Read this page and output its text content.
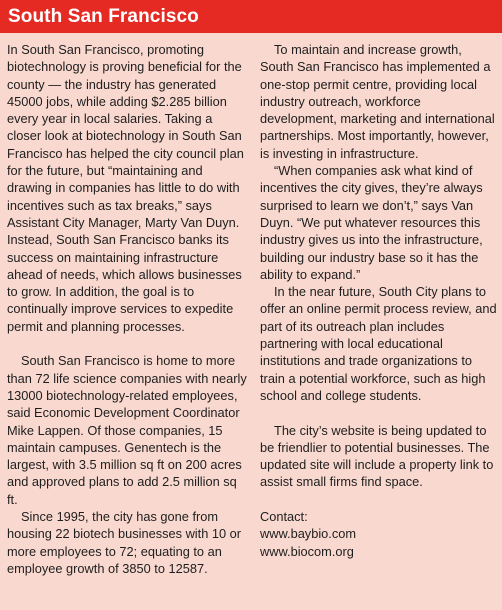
South San Francisco

In South San Francisco, promoting biotechnology is proving beneficial for the county — the industry has generated 45000 jobs, while adding $2.285 billion every year in local salaries. Taking a closer look at biotechnology in South San Francisco has helped the city council plan for the future, but “maintaining and drawing in companies has little to do with incentives such as tax breaks,” says Assistant City Manager, Marty Van Duyn. Instead, South San Francisco banks its success on maintaining infrastructure ahead of needs, which allows businesses to grow. In addition, the goal is to continually improve services to expedite permit and planning processes.

South San Francisco is home to more than 72 life science companies with nearly 13000 biotechnology-related employees, said Economic Development Coordinator Mike Lappen. Of those companies, 15 maintain campuses. Genentech is the largest, with 3.5 million sq ft on 200 acres and approved plans to add 2.5 million sq ft.

Since 1995, the city has gone from housing 22 biotech businesses with 10 or more employees to 72; equating to an employee growth of 3850 to 12587.

To maintain and increase growth, South San Francisco has implemented a one-stop permit centre, providing local industry outreach, workforce development, marketing and international partnerships. Most importantly, however, is investing in infrastructure.

“When companies ask what kind of incentives the city gives, they’re always surprised to learn we don’t,” says Van Duyn. “We put whatever resources this industry gives us into the infrastructure, building our industry base so it has the ability to expand.”

In the near future, South City plans to offer an online permit process review, and part of its outreach plan includes partnering with local educational institutions and trade organizations to train a potential workforce, such as high school and college students.

The city’s website is being updated to be friendlier to potential businesses. The updated site will include a property link to assist small firms find space.

Contact:

www.baybio.com

www.biocom.org
